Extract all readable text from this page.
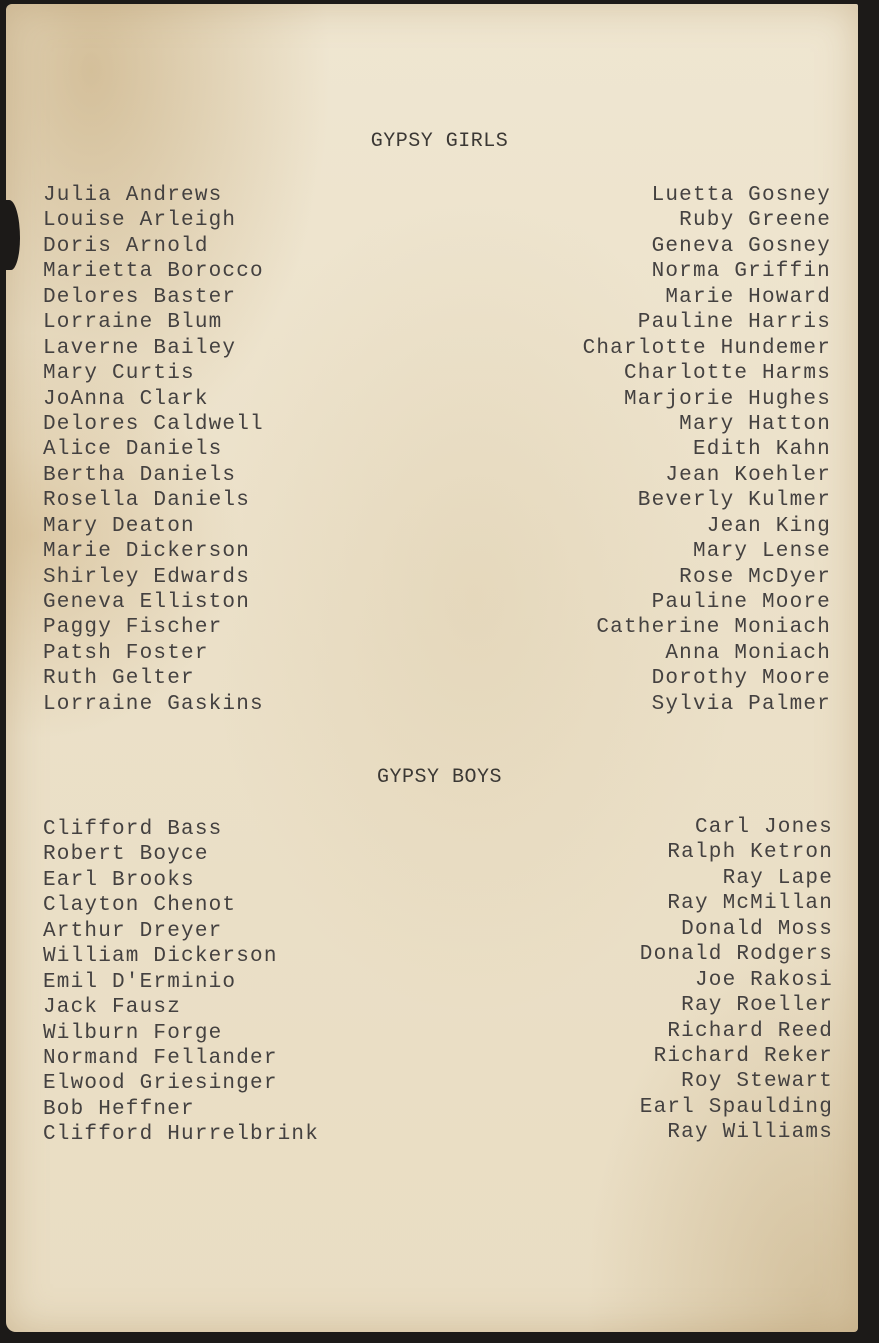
GYPSY GIRLS
Julia Andrews
Louise Arleigh
Doris Arnold
Marietta Borocco
Delores Baster
Lorraine Blum
Laverne Bailey
Mary Curtis
JoAnna Clark
Delores Caldwell
Alice Daniels
Bertha Daniels
Rosella Daniels
Mary Deaton
Marie Dickerson
Shirley Edwards
Geneva Elliston
Paggy Fischer
Patsh Foster
Ruth Gelter
Lorraine Gaskins
Luetta Gosney
Ruby Greene
Geneva Gosney
Norma Griffin
Marie Howard
Pauline Harris
Charlotte Hundemer
Charlotte Harms
Marjorie Hughes
Mary Hatton
Edith Kahn
Jean Koehler
Beverly Kulmer
Jean King
Mary Lense
Rose McDyer
Pauline Moore
Catherine Moniach
Anna Moniach
Dorothy Moore
Sylvia Palmer
GYPSY BOYS
Clifford Bass
Robert Boyce
Earl Brooks
Clayton Chenot
Arthur Dreyer
William Dickerson
Emil D'Erminio
Jack Fausz
Wilburn Forge
Normand Fellander
Elwood Griesinger
Bob Heffner
Clifford Hurrelbrink
Carl Jones
Ralph Ketron
Ray Lape
Ray McMillan
Donald Moss
Donald Rodgers
Joe Rakosi
Ray Roeller
Richard Reed
Richard Reker
Roy Stewart
Earl Spaulding
Ray Williams
